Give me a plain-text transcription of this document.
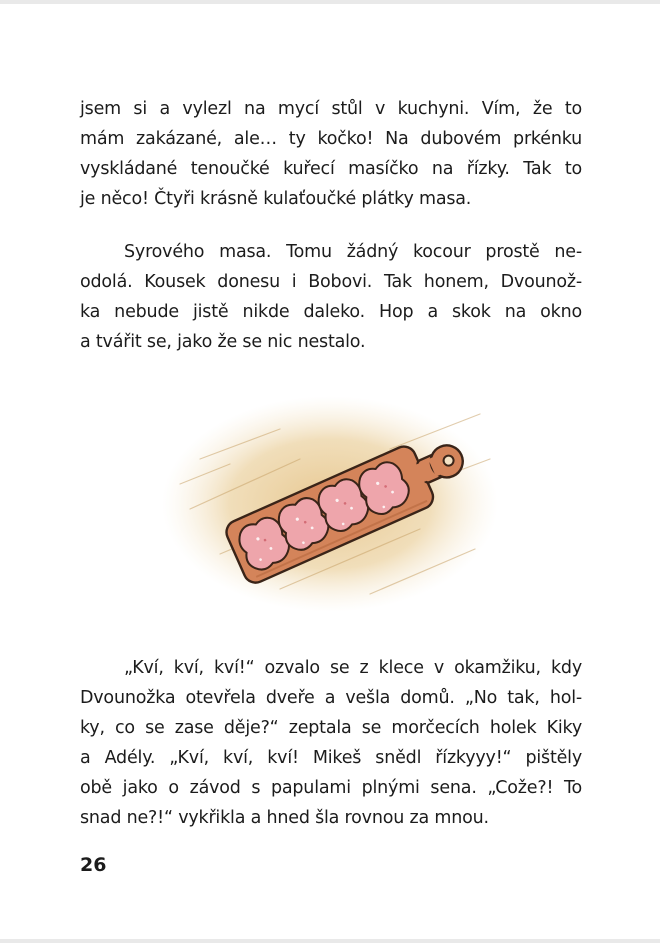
jsem si a vylezl na mycí stůl v kuchyni. Vím, že to
mám zakázané, ale… ty kočko! Na dubovém prkénku
vyskládané tenoučké kuřecí masíčko na řízky. Tak to
je něco! Čtyři krásně kulaťoučké plátky masa.

Syrového masa. Tomu žádný kocour prostě ne-
odolá. Kousek donesu i Bobovi. Tak honem, Dvounož-
ka nebude jistě nikde daleko. Hop a skok na okno
a tvářit se, jako že se nic nestalo.

„Kví, kví, kví!“ ozvalo se z klece v okamžiku, kdy
Dvounožka otevřela dveře a vešla domů. „No tak, hol-
ky, co se zase děje?“ zeptala se morčecích holek Kiky
a Adély. „Kví, kví, kví! Mikeš snědl řízkyyy!“ pištěly
obě jako o závod s papulami plnými sena. „Cože?! To
snad ne?!“ vykřikla a hned šla rovnou za mnou.

26
